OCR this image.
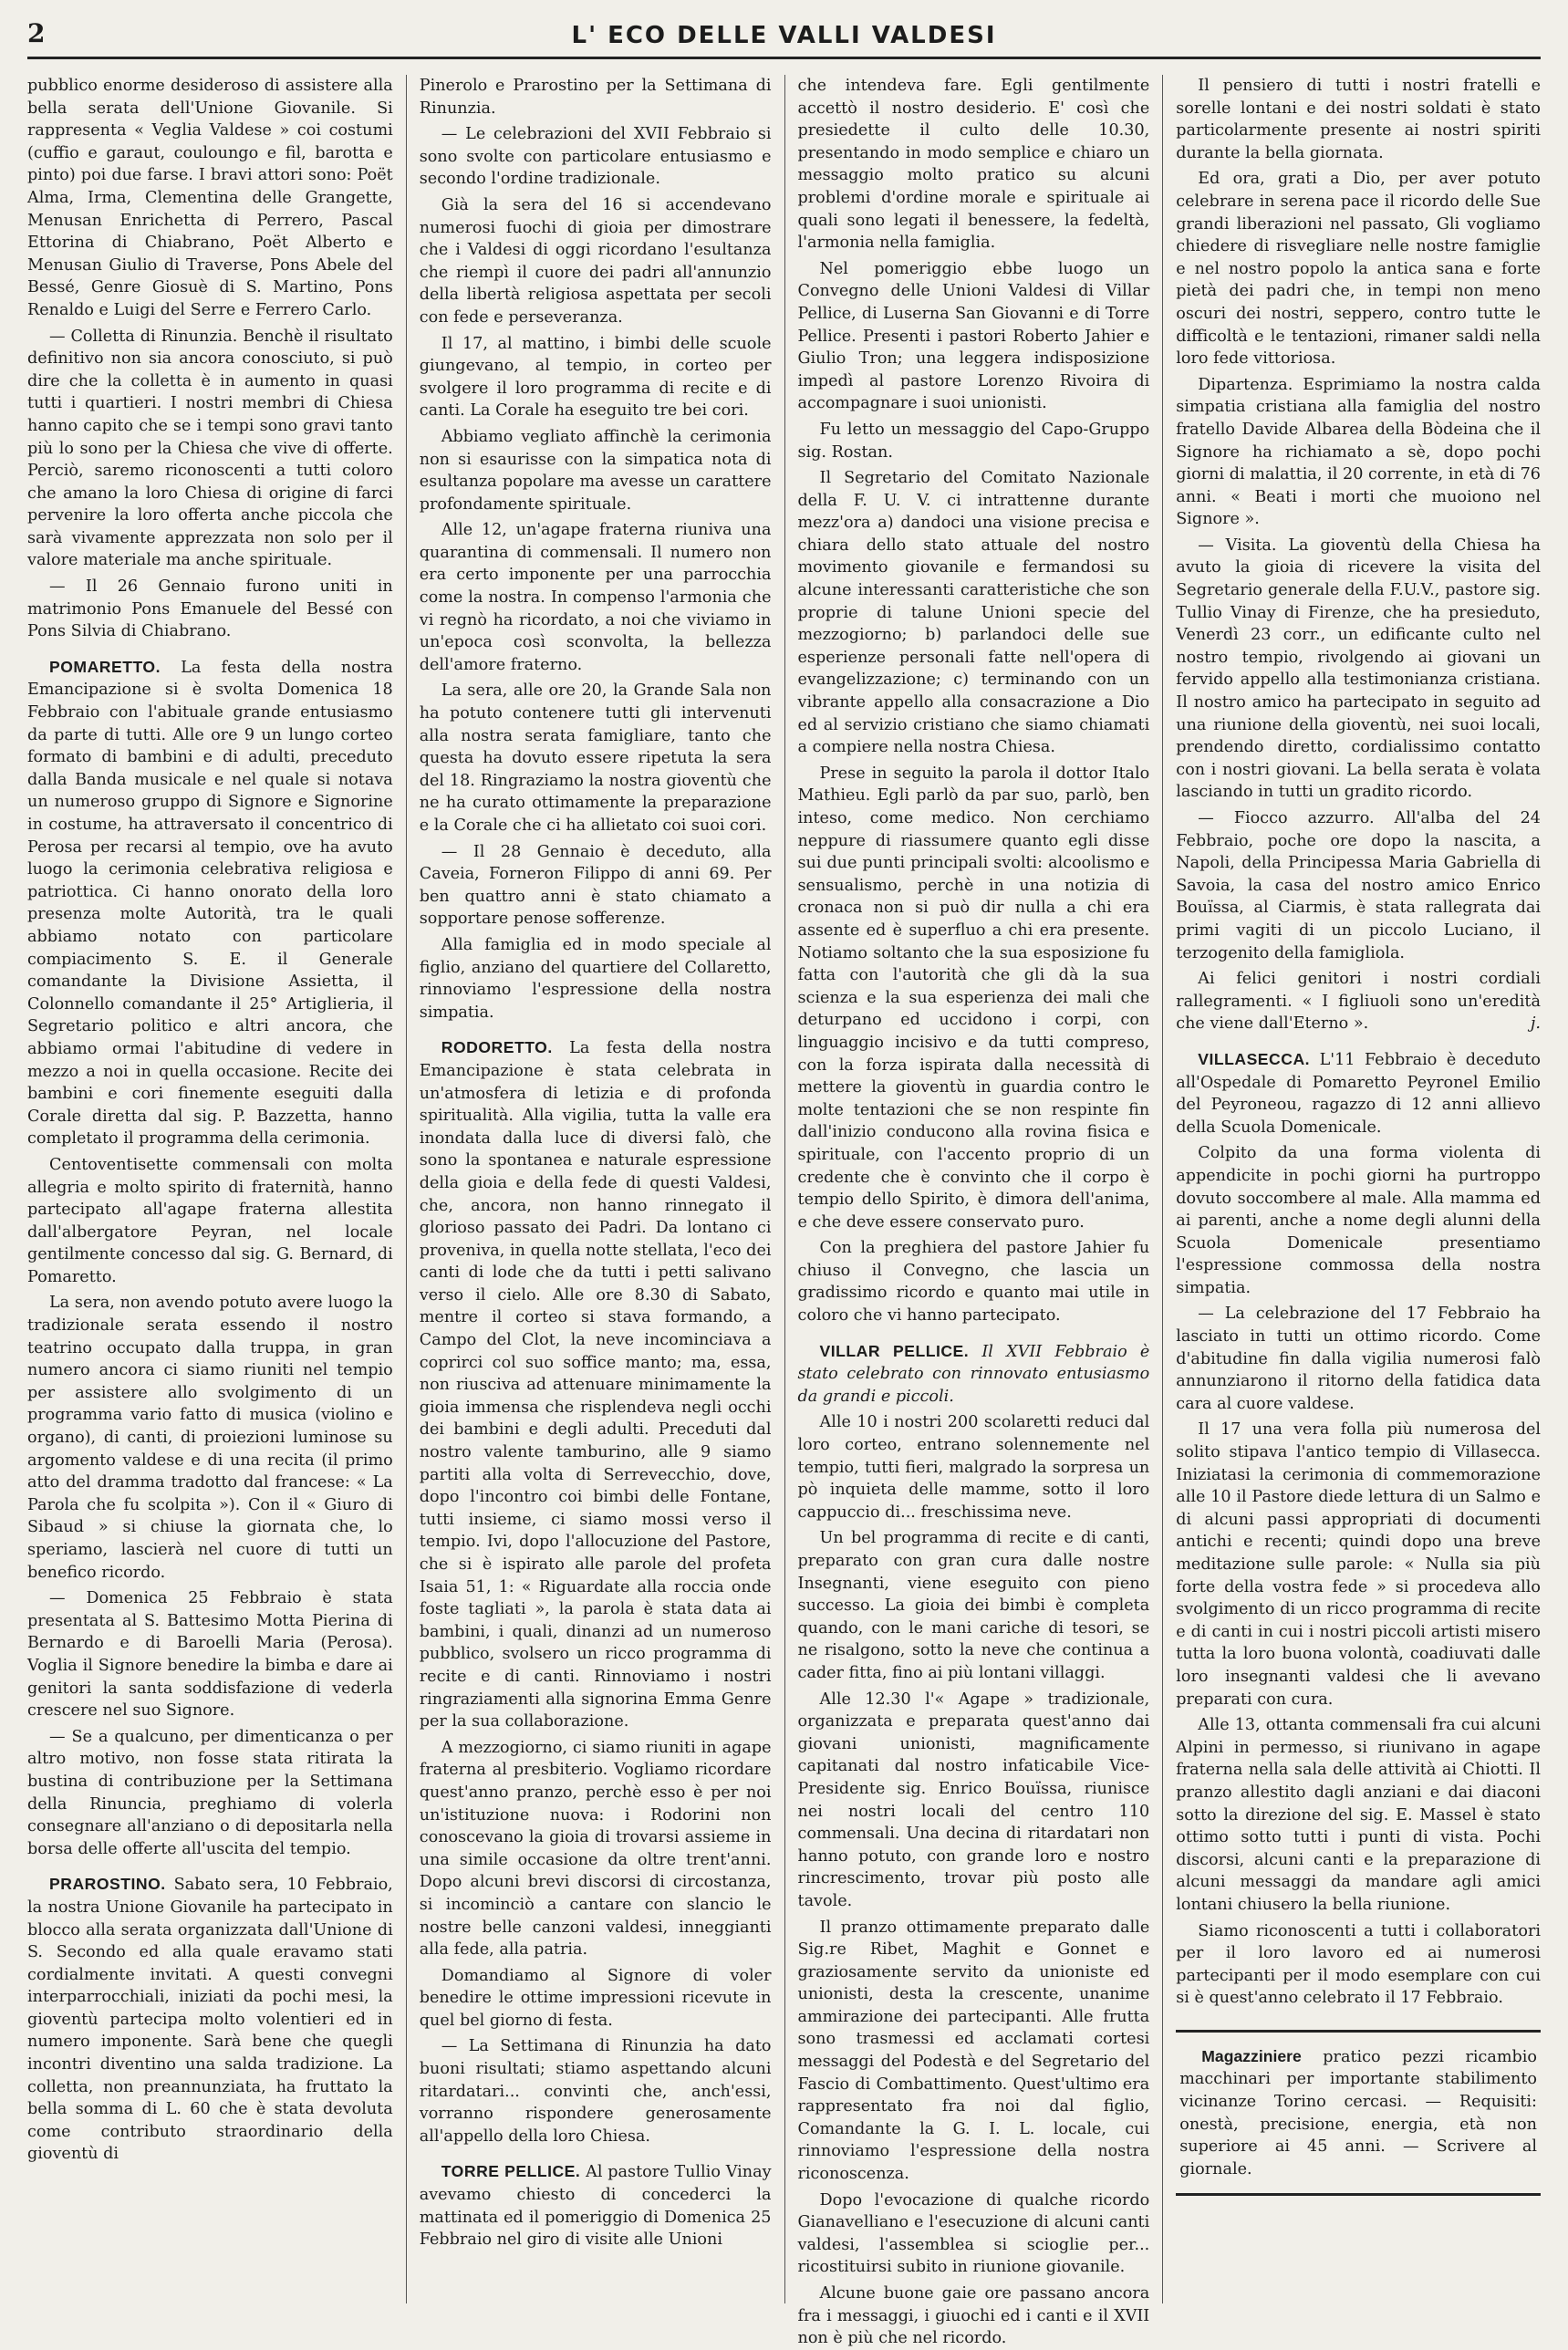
2	L' ECO DELLE VALLI VALDESI

pubblico enorme desideroso di assistere alla bella serata dell'Unione Giovanile. Si rappresenta « Veglia Valdese » coi costumi (cuffio e garaut, couloungo e fil, barotta e pinto) poi due farse. I bravi attori sono: Poët Alma, Irma, Clementina delle Grangette, Menusan Enrichetta di Perrero, Pascal Ettorina di Chiabrano, Poët Alberto e Menusan Giulio di Traverse, Pons Abele del Bessé, Genre Giosuè di S. Martino, Pons Renaldo e Luigi del Serre e Ferrero Carlo.

— Colletta di Rinunzia. Benchè il risultato definitivo non sia ancora conosciuto, si può dire che la colletta è in aumento in quasi tutti i quartieri. I nostri membri di Chiesa hanno capito che se i tempi sono gravi tanto più lo sono per la Chiesa che vive di offerte. Perciò, saremo riconoscenti a tutti coloro che amano la loro Chiesa di origine di farci pervenire la loro offerta anche piccola che sarà vivamente apprezzata non solo per il valore materiale ma anche spirituale.

— Il 26 Gennaio furono uniti in matrimonio Pons Emanuele del Bessé con Pons Silvia di Chiabrano.

POMARETTO. La festa della nostra Emancipazione si è svolta Domenica 18 Febbraio con l'abituale grande entusiasmo da parte di tutti. Alle ore 9 un lungo corteo formato di bambini e di adulti, preceduto dalla Banda musicale e nel quale si notava un numeroso gruppo di Signore e Signorine in costume, ha attraversato il concentrico di Perosa per recarsi al tempio, ove ha avuto luogo la cerimonia celebrativa religiosa e patriottica. Ci hanno onorato della loro presenza molte Autorità, tra le quali abbiamo notato con particolare compiacimento S. E. il Generale comandante la Divisione Assietta, il Colonnello comandante il 25° Artiglieria, il Segretario politico e altri ancora, che abbiamo ormai l'abitudine di vedere in mezzo a noi in quella occasione. Recite dei bambini e cori finemente eseguiti dalla Corale diretta dal sig. P. Bazzetta, hanno completato il programma della cerimonia.

Centoventisette commensali con molta allegria e molto spirito di fraternità, hanno partecipato all'agape fraterna allestita dall'albergatore Peyran, nel locale gentilmente concesso dal sig. G. Bernard, di Pomaretto.

La sera, non avendo potuto avere luogo la tradizionale serata essendo il nostro teatrino occupato dalla truppa, in gran numero ancora ci siamo riuniti nel tempio per assistere allo svolgimento di un programma vario fatto di musica (violino e organo), di canti, di proiezioni luminose su argomento valdese e di una recita (il primo atto del dramma tradotto dal francese: « La Parola che fu scolpita »). Con il « Giuro di Sibaud » si chiuse la giornata che, lo speriamo, lascierà nel cuore di tutti un benefico ricordo.

— Domenica 25 Febbraio è stata presentata al S. Battesimo Motta Pierina di Bernardo e di Baroelli Maria (Perosa). Voglia il Signore benedire la bimba e dare ai genitori la santa soddisfazione di vederla crescere nel suo Signore.

— Se a qualcuno, per dimenticanza o per altro motivo, non fosse stata ritirata la bustina di contribuzione per la Settimana della Rinuncia, preghiamo di volerla consegnare all'anziano o di depositarla nella borsa delle offerte all'uscita del tempio.

PRAROSTINO. Sabato sera, 10 Febbraio, la nostra Unione Giovanile ha partecipato in blocco alla serata organizzata dall'Unione di S. Secondo ed alla quale eravamo stati cordialmente invitati. A questi convegni interparrocchiali, iniziati da pochi mesi, la gioventù partecipa molto volentieri ed in numero imponente. Sarà bene che quegli incontri diventino una salda tradizione. La colletta, non preannunziata, ha fruttato la bella somma di L. 60 che è stata devoluta come contributo straordinario della gioventù di

Pinerolo e Prarostino per la Settimana di Rinunzia.

— Le celebrazioni del XVII Febbraio si sono svolte con particolare entusiasmo e secondo l'ordine tradizionale.

Già la sera del 16 si accendevano numerosi fuochi di gioia per dimostrare che i Valdesi di oggi ricordano l'esultanza che riempì il cuore dei padri all'annunzio della libertà religiosa aspettata per secoli con fede e perseveranza.

Il 17, al mattino, i bimbi delle scuole giungevano, al tempio, in corteo per svolgere il loro programma di recite e di canti. La Corale ha eseguito tre bei cori.

Abbiamo vegliato affinchè la cerimonia non si esaurisse con la simpatica nota di esultanza popolare ma avesse un carattere profondamente spirituale.

Alle 12, un'agape fraterna riuniva una quarantina di commensali. Il numero non era certo imponente per una parrocchia come la nostra. In compenso l'armonia che vi regnò ha ricordato, a noi che viviamo in un'epoca così sconvolta, la bellezza dell'amore fraterno.

La sera, alle ore 20, la Grande Sala non ha potuto contenere tutti gli intervenuti alla nostra serata famigliare, tanto che questa ha dovuto essere ripetuta la sera del 18. Ringraziamo la nostra gioventù che ne ha curato ottimamente la preparazione e la Corale che ci ha allietato coi suoi cori.

— Il 28 Gennaio è deceduto, alla Caveia, Forneron Filippo di anni 69. Per ben quattro anni è stato chiamato a sopportare penose sofferenze.

Alla famiglia ed in modo speciale al figlio, anziano del quartiere del Collaretto, rinnoviamo l'espressione della nostra simpatia.

RODORETTO. La festa della nostra Emancipazione è stata celebrata in un'atmosfera di letizia e di profonda spiritualità. Alla vigilia, tutta la valle era inondata dalla luce di diversi falò, che sono la spontanea e naturale espressione della gioia e della fede di questi Valdesi, che, ancora, non hanno rinnegato il glorioso passato dei Padri. Da lontano ci proveniva, in quella notte stellata, l'eco dei canti di lode che da tutti i petti salivano verso il cielo. Alle ore 8.30 di Sabato, mentre il corteo si stava formando, a Campo del Clot, la neve incominciava a coprirci col suo soffice manto; ma, essa, non riusciva ad attenuare minimamente la gioia immensa che risplendeva negli occhi dei bambini e degli adulti. Preceduti dal nostro valente tamburino, alle 9 siamo partiti alla volta di Serrevecchio, dove, dopo l'incontro coi bimbi delle Fontane, tutti insieme, ci siamo mossi verso il tempio. Ivi, dopo l'allocuzione del Pastore, che si è ispirato alle parole del profeta Isaia 51, 1: « Riguardate alla roccia onde foste tagliati », la parola è stata data ai bambini, i quali, dinanzi ad un numeroso pubblico, svolsero un ricco programma di recite e di canti. Rinnoviamo i nostri ringraziamenti alla signorina Emma Genre per la sua collaborazione.

A mezzogiorno, ci siamo riuniti in agape fraterna al presbiterio. Vogliamo ricordare quest'anno pranzo, perchè esso è per noi un'istituzione nuova: i Rodorini non conoscevano la gioia di trovarsi assieme in una simile occasione da oltre trent'anni. Dopo alcuni brevi discorsi di circostanza, si incominciò a cantare con slancio le nostre belle canzoni valdesi, inneggianti alla fede, alla patria.

Domandiamo al Signore di voler benedire le ottime impressioni ricevute in quel bel giorno di festa.

— La Settimana di Rinunzia ha dato buoni risultati; stiamo aspettando alcuni ritardatari... convinti che, anch'essi, vorranno rispondere generosamente all'appello della loro Chiesa.

TORRE PELLICE. Al pastore Tullio Vinay avevamo chiesto di concederci la mattinata ed il pomeriggio di Domenica 25 Febbraio nel giro di visite alle Unioni

che intendeva fare. Egli gentilmente accettò il nostro desiderio. E' così che presiedette il culto delle 10.30, presentando in modo semplice e chiaro un messaggio molto pratico su alcuni problemi d'ordine morale e spirituale ai quali sono legati il benessere, la fedeltà, l'armonia nella famiglia.

Nel pomeriggio ebbe luogo un Convegno delle Unioni Valdesi di Villar Pellice, di Luserna San Giovanni e di Torre Pellice. Presenti i pastori Roberto Jahier e Giulio Tron; una leggera indisposizione impedì al pastore Lorenzo Rivoira di accompagnare i suoi unionisti.

Fu letto un messaggio del Capo-Gruppo sig. Rostan.

Il Segretario del Comitato Nazionale della F. U. V. ci intrattenne durante mezz'ora a) dandoci una visione precisa e chiara dello stato attuale del nostro movimento giovanile e fermandosi su alcune interessanti caratteristiche che son proprie di talune Unioni specie del mezzogiorno; b) parlandoci delle sue esperienze personali fatte nell'opera di evangelizzazione; c) terminando con un vibrante appello alla consacrazione a Dio ed al servizio cristiano che siamo chiamati a compiere nella nostra Chiesa.

Prese in seguito la parola il dottor Italo Mathieu. Egli parlò da par suo, parlò, ben inteso, come medico. Non cerchiamo neppure di riassumere quanto egli disse sui due punti principali svolti: alcoolismo e sensualismo, perchè in una notizia di cronaca non si può dir nulla a chi era assente ed è superfluo a chi era presente. Notiamo soltanto che la sua esposizione fu fatta con l'autorità che gli dà la sua scienza e la sua esperienza dei mali che deturpano ed uccidono i corpi, con linguaggio incisivo e da tutti compreso, con la forza ispirata dalla necessità di mettere la gioventù in guardia contro le molte tentazioni che se non respinte fin dall'inizio conducono alla rovina fisica e spirituale, con l'accento proprio di un credente che è convinto che il corpo è tempio dello Spirito, è dimora dell'anima, e che deve essere conservato puro.

Con la preghiera del pastore Jahier fu chiuso il Convegno, che lascia un gradissimo ricordo e quanto mai utile in coloro che vi hanno partecipato.

VILLAR PELLICE. Il XVII Febbraio è stato celebrato con rinnovato entusiasmo da grandi e piccoli.

Alle 10 i nostri 200 scolaretti reduci dal loro corteo, entrano solennemente nel tempio, tutti fieri, malgrado la sorpresa un pò inquieta delle mamme, sotto il loro cappuccio di... freschissima neve.

Un bel programma di recite e di canti, preparato con gran cura dalle nostre Insegnanti, viene eseguito con pieno successo. La gioia dei bimbi è completa quando, con le mani cariche di tesori, se ne risalgono, sotto la neve che continua a cader fitta, fino ai più lontani villaggi.

Alle 12.30 l'« Agape » tradizionale, organizzata e preparata quest'anno dai giovani unionisti, magnificamente capitanati dal nostro infaticabile Vice-Presidente sig. Enrico Bouïssa, riunisce nei nostri locali del centro 110 commensali. Una decina di ritardatari non hanno potuto, con grande loro e nostro rincrescimento, trovar più posto alle tavole.

Il pranzo ottimamente preparato dalle Sig.re Ribet, Maghit e Gonnet e graziosamente servito da unioniste ed unionisti, desta la crescente, unanime ammirazione dei partecipanti. Alle frutta sono trasmessi ed acclamati cortesi messaggi del Podestà e del Segretario del Fascio di Combattimento. Quest'ultimo era rappresentato fra noi dal figlio, Comandante la G. I. L. locale, cui rinnoviamo l'espressione della nostra riconoscenza.

Dopo l'evocazione di qualche ricordo Gianavelliano e l'esecuzione di alcuni canti valdesi, l'assemblea si scioglie per... ricostituirsi subito in riunione giovanile.

Alcune buone gaie ore passano ancora fra i messaggi, i giuochi ed i canti e il XVII non è più che nel ricordo.

Il pensiero di tutti i nostri fratelli e sorelle lontani e dei nostri soldati è stato particolarmente presente ai nostri spiriti durante la bella giornata.

Ed ora, grati a Dio, per aver potuto celebrare in serena pace il ricordo delle Sue grandi liberazioni nel passato, Gli vogliamo chiedere di risvegliare nelle nostre famiglie e nel nostro popolo la antica sana e forte pietà dei padri che, in tempi non meno oscuri dei nostri, seppero, contro tutte le difficoltà e le tentazioni, rimaner saldi nella loro fede vittoriosa.

Dipartenza. Esprimiamo la nostra calda simpatia cristiana alla famiglia del nostro fratello Davide Albarea della Bòdeina che il Signore ha richiamato a sè, dopo pochi giorni di malattia, il 20 corrente, in età di 76 anni. « Beati i morti che muoiono nel Signore ».

— Visita. La gioventù della Chiesa ha avuto la gioia di ricevere la visita del Segretario generale della F.U.V., pastore sig. Tullio Vinay di Firenze, che ha presieduto, Venerdì 23 corr., un edificante culto nel nostro tempio, rivolgendo ai giovani un fervido appello alla testimonianza cristiana. Il nostro amico ha partecipato in seguito ad una riunione della gioventù, nei suoi locali, prendendo diretto, cordialissimo contatto con i nostri giovani. La bella serata è volata lasciando in tutti un gradito ricordo.

— Fiocco azzurro. All'alba del 24 Febbraio, poche ore dopo la nascita, a Napoli, della Principessa Maria Gabriella di Savoia, la casa del nostro amico Enrico Bouïssa, al Ciarmis, è stata rallegrata dai primi vagiti di un piccolo Luciano, il terzogenito della famigliola.

Ai felici genitori i nostri cordiali rallegramenti. « I figliuoli sono un'eredità che viene dall'Eterno ».	j.

VILLASECCA. L'11 Febbraio è deceduto all'Ospedale di Pomaretto Peyronel Emilio del Peyroneou, ragazzo di 12 anni allievo della Scuola Domenicale.

Colpito da una forma violenta di appendicite in pochi giorni ha purtroppo dovuto soccombere al male. Alla mamma ed ai parenti, anche a nome degli alunni della Scuola Domenicale presentiamo l'espressione commossa della nostra simpatia.

— La celebrazione del 17 Febbraio ha lasciato in tutti un ottimo ricordo. Come d'abitudine fin dalla vigilia numerosi falò annunziarono il ritorno della fatidica data cara al cuore valdese.

Il 17 una vera folla più numerosa del solito stipava l'antico tempio di Villasecca. Iniziatasi la cerimonia di commemorazione alle 10 il Pastore diede lettura di un Salmo e di alcuni passi appropriati di documenti antichi e recenti; quindi dopo una breve meditazione sulle parole: « Nulla sia più forte della vostra fede » si procedeva allo svolgimento di un ricco programma di recite e di canti in cui i nostri piccoli artisti misero tutta la loro buona volontà, coadiuvati dalle loro insegnanti valdesi che li avevano preparati con cura.

Alle 13, ottanta commensali fra cui alcuni Alpini in permesso, si riunivano in agape fraterna nella sala delle attività ai Chiotti. Il pranzo allestito dagli anziani e dai diaconi sotto la direzione del sig. E. Massel è stato ottimo sotto tutti i punti di vista. Pochi discorsi, alcuni canti e la preparazione di alcuni messaggi da mandare agli amici lontani chiusero la bella riunione.

Siamo riconoscenti a tutti i collaboratori per il loro lavoro ed ai numerosi partecipanti per il modo esemplare con cui si è quest'anno celebrato il 17 Febbraio.

Magazziniere pratico pezzi ricambio macchinari per importante stabilimento vicinanze Torino cercasi. — Requisiti: onestà, precisione, energia, età non superiore ai 45 anni. — Scrivere al giornale.
